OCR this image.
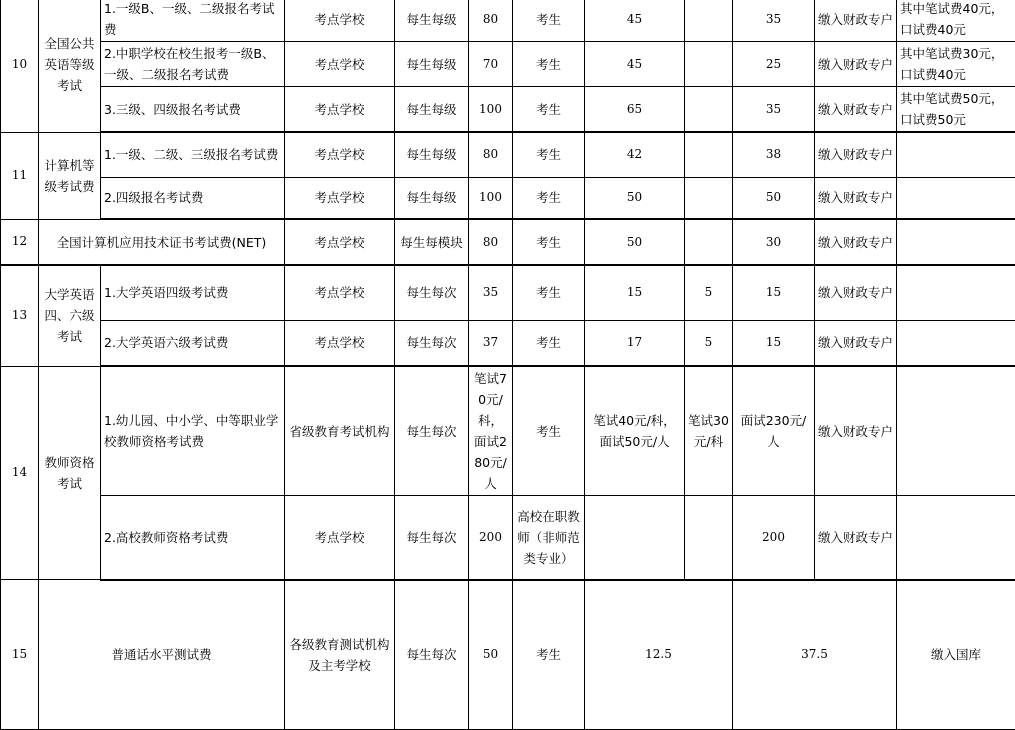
10	全国公共英语等级考试	1.一级B、一级、二级报名考试费	考点学校	每生每级	80	考生	45		35	缴入财政专户	其中笔试费40元，口试费40元	
		2.中职学校在校生报考一级B、一级、二级报名考试费	考点学校	每生每级	70	考生	45		25	缴入财政专户	其中笔试费30元，口试费40元	
		3.三级、四级报名考试费	考点学校	每生每级	100	考生	65		35	缴入财政专户	其中笔试费50元，口试费50元	
11	计算机等级考试费	1.一级、二级、三级报名考试费	考点学校	每生每级	80	考生	42		38	缴入财政专户		
		2.四级报名考试费	考点学校	每生每级	100	考生	50		50	缴入财政专户		
12	全国计算机应用技术证书考试费(NET)		考点学校	每生每模块	80	考生	50		30	缴入财政专户		
13	大学英语四、六级考试	1.大学英语四级考试费	考点学校	每生每次	35	考生	15	5	15	缴入财政专户		
		2.大学英语六级考试费	考点学校	每生每次	37	考生	17	5	15	缴入财政专户		
14	教师资格考试	1.幼儿园、中小学、中等职业学校教师资格考试费	省级教育考试机构	每生每次	笔试70元/科，面试280元/人	考生	笔试40元/科，面试50元/人	笔试30元/科	面试230元/人	缴入财政专户		
		2.高校教师资格考试费	考点学校	每生每次	200	高校在职教师（非师范类专业）			200	缴入财政专户		
15	普通话水平测试费		各级教育测试机构及主考学校	每生每次	50	考生	12.5		37.5		缴入国库	
